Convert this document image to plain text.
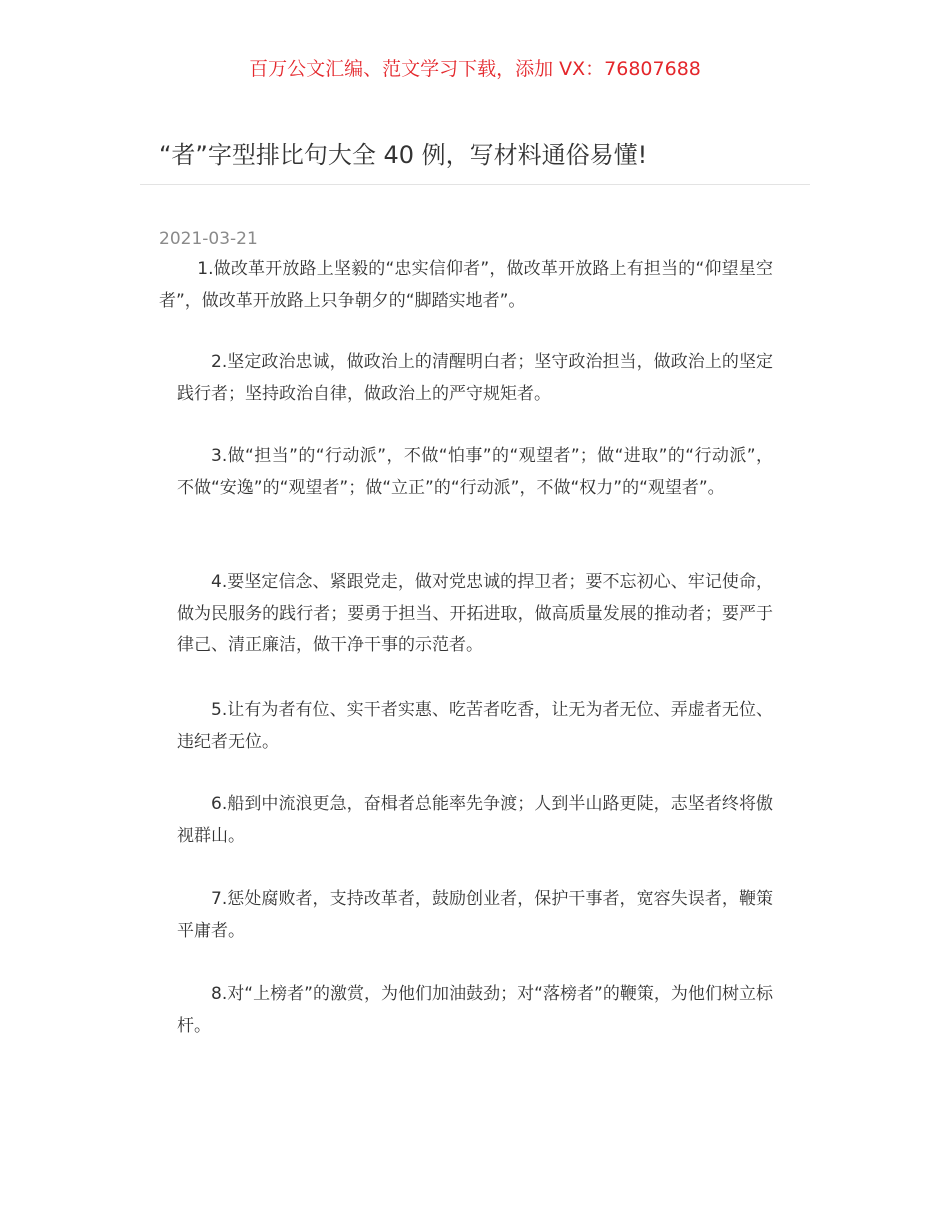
百万公文汇编、范文学习下载，添加 VX：76807688
“者”字型排比句大全 40 例，写材料通俗易懂!
2021-03-21

1.做改革开放路上坚毅的“忠实信仰者”，做改革开放路上有担当的“仰望星空者”，做改革开放路上只争朝夕的“脚踏实地者”。

2.坚定政治忠诚，做政治上的清醒明白者；坚守政治担当，做政治上的坚定践行者；坚持政治自律，做政治上的严守规矩者。

3.做“担当”的“行动派”，不做“怕事”的“观望者”；做“进取”的“行动派”，不做“安逸”的“观望者”；做“立正”的“行动派”，不做“权力”的“观望者”。

4.要坚定信念、紧跟党走，做对党忠诚的捍卫者；要不忘初心、牢记使命，做为民服务的践行者；要勇于担当、开拓进取，做高质量发展的推动者；要严于律己、清正廉洁，做干净干事的示范者。

5.让有为者有位、实干者实惠、吃苦者吃香，让无为者无位、弄虚者无位、违纪者无位。

6.船到中流浪更急，奋楫者总能率先争渡；人到半山路更陡，志坚者终将傲视群山。

7.惩处腐败者，支持改革者，鼓励创业者，保护干事者，宽容失误者，鞭策平庸者。

8.对“上榜者”的激赏，为他们加油鼓劲；对“落榜者”的鞭策，为他们树立标杆。
